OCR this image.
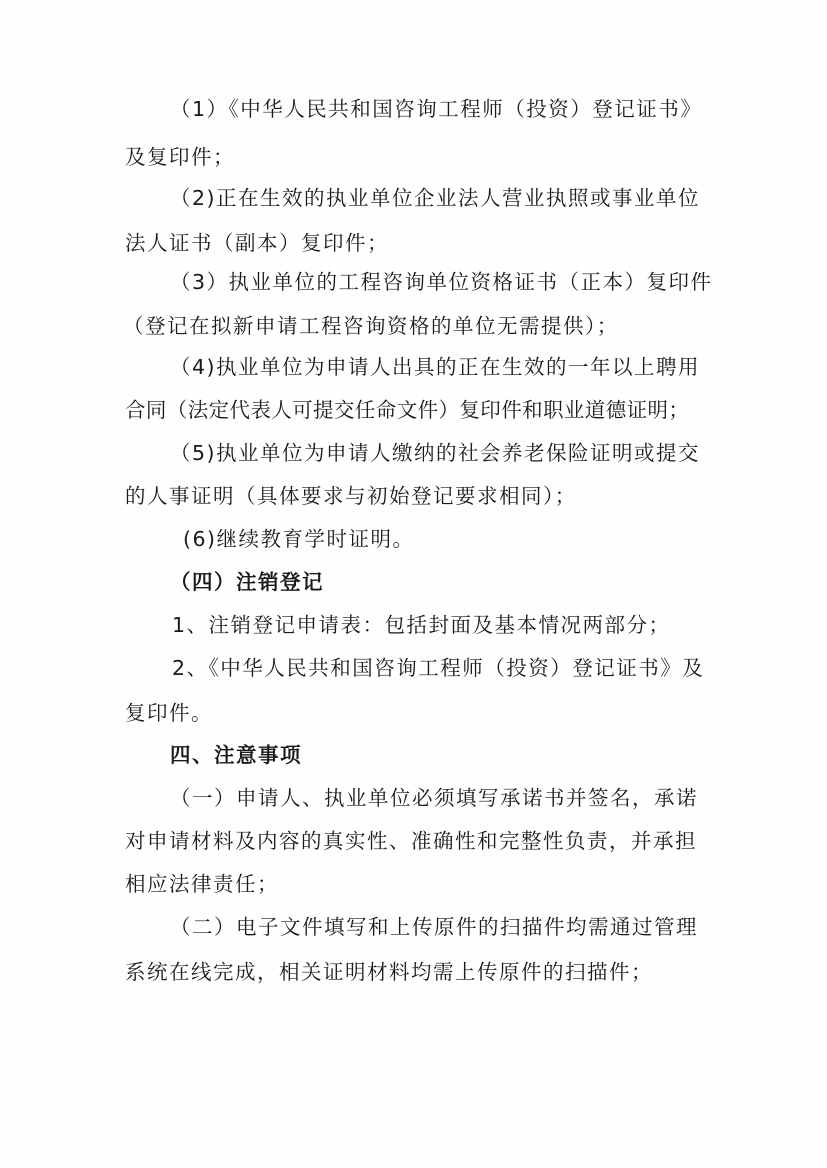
（1）《中华人民共和国咨询工程师（投资）登记证书》
及复印件；
（2)正在生效的执业单位企业法人营业执照或事业单位
法人证书（副本）复印件；
（3）执业单位的工程咨询单位资格证书（正本）复印件
（登记在拟新申请工程咨询资格的单位无需提供）；
（4)执业单位为申请人出具的正在生效的一年以上聘用
合同（法定代表人可提交任命文件）复印件和职业道德证明；
（5)执业单位为申请人缴纳的社会养老保险证明或提交
的人事证明（具体要求与初始登记要求相同）；
(6)继续教育学时证明。
（四）注销登记
1、注销登记申请表：包括封面及基本情况两部分；
2、《中华人民共和国咨询工程师（投资）登记证书》及
复印件。
四、注意事项
（一）申请人、执业单位必须填写承诺书并签名，承诺
对申请材料及内容的真实性、准确性和完整性负责，并承担
相应法律责任；
（二）电子文件填写和上传原件的扫描件均需通过管理
系统在线完成，相关证明材料均需上传原件的扫描件；
